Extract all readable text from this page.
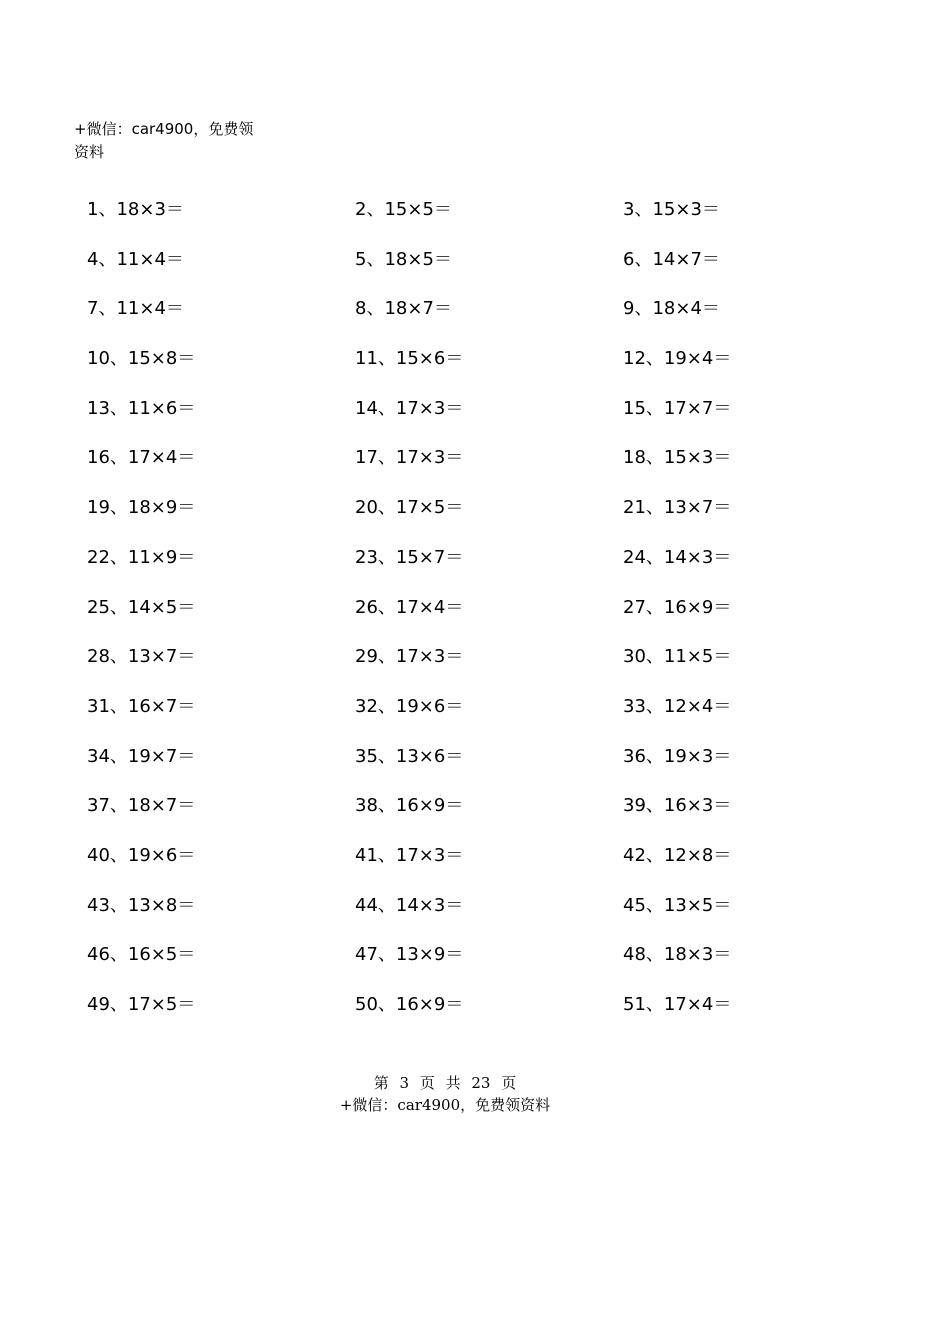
+微信：car4900，免费领
资料
1、18×3＝	2、15×5＝	3、15×3＝
4、11×4＝	5、18×5＝	6、14×7＝
7、11×4＝	8、18×7＝	9、18×4＝
10、15×8＝	11、15×6＝	12、19×4＝
13、11×6＝	14、17×3＝	15、17×7＝
16、17×4＝	17、17×3＝	18、15×3＝
19、18×9＝	20、17×5＝	21、13×7＝
22、11×9＝	23、15×7＝	24、14×3＝
25、14×5＝	26、17×4＝	27、16×9＝
28、13×7＝	29、17×3＝	30、11×5＝
31、16×7＝	32、19×6＝	33、12×4＝
34、19×7＝	35、13×6＝	36、19×3＝
37、18×7＝	38、16×9＝	39、16×3＝
40、19×6＝	41、17×3＝	42、12×8＝
43、13×8＝	44、14×3＝	45、13×5＝
46、16×5＝	47、13×9＝	48、18×3＝
49、17×5＝	50、16×9＝	51、17×4＝
第 3 页 共 23 页
+微信：car4900，免费领资料
